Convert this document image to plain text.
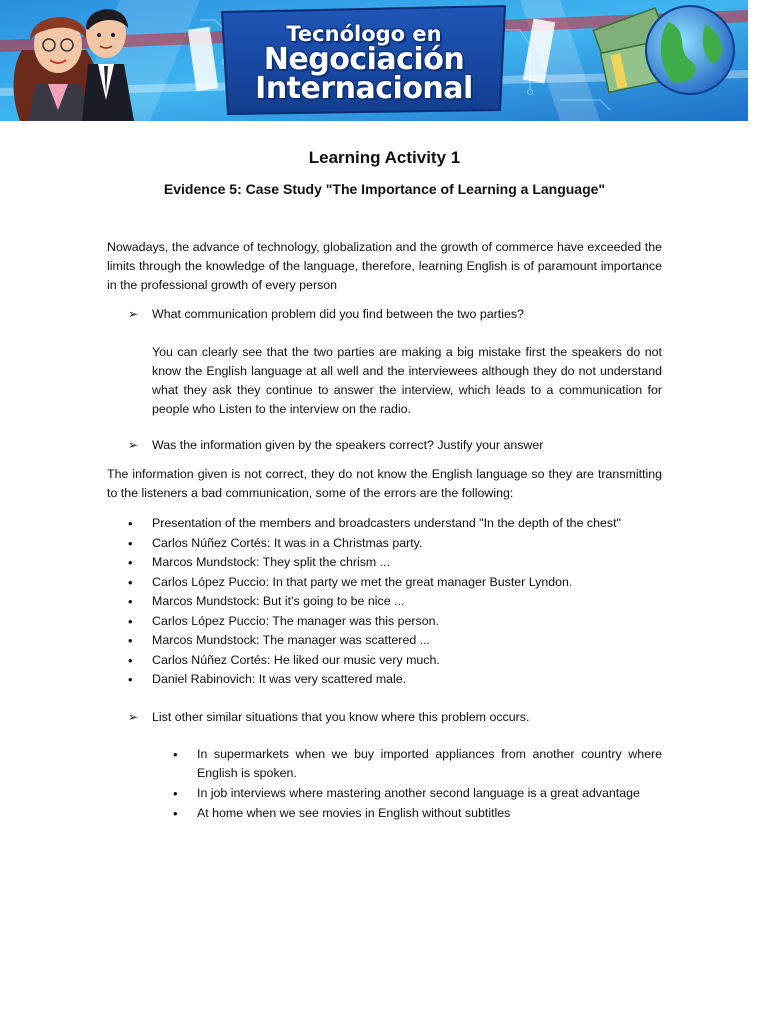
Tecnólogo en
Negociación
Internacional
Learning Activity 1
Evidence 5: Case Study "The Importance of Learning a Language"
Nowadays, the advance of technology, globalization and the growth of commerce have exceeded the limits through the knowledge of the language, therefore, learning English is of paramount importance in the professional growth of every person
➢ What communication problem did you find between the two parties?
You can clearly see that the two parties are making a big mistake first the speakers do not know the English language at all well and the interviewees although they do not understand what they ask they continue to answer the interview, which leads to a communication for people who Listen to the interview on the radio.
➢ Was the information given by the speakers correct? Justify your answer
The information given is not correct, they do not know the English language so they are transmitting to the listeners a bad communication, some of the errors are the following:
• Presentation of the members and broadcasters understand "In the depth of the chest"
• Carlos Núñez Cortés: It was in a Christmas party.
• Marcos Mundstock: They split the chrism ...
• Carlos López Puccio: In that party we met the great manager Buster Lyndon.
• Marcos Mundstock: But it's going to be nice ...
• Carlos López Puccio: The manager was this person.
• Marcos Mundstock: The manager was scattered ...
• Carlos Núñez Cortés: He liked our music very much.
• Daniel Rabinovich: It was very scattered male.
➢ List other similar situations that you know where this problem occurs.
• In supermarkets when we buy imported appliances from another country where English is spoken.
• In job interviews where mastering another second language is a great advantage
• At home when we see movies in English without subtitles
